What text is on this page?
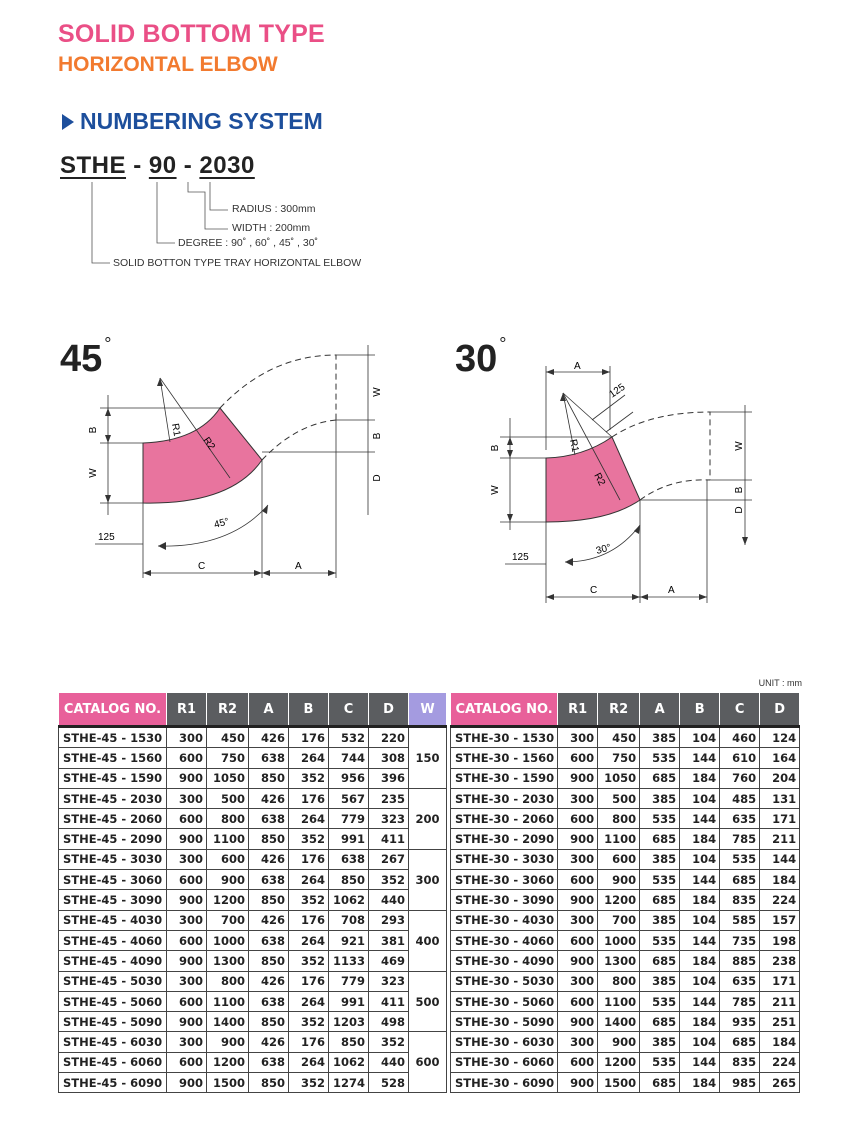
SOLID BOTTOM TYPE
HORIZONTAL ELBOW
NUMBERING SYSTEM
STHE - 90 - 2030
RADIUS : 300mm
WIDTH : 200mm
DEGREE : 90˚ , 60˚ , 45˚ , 30˚
SOLID BOTTON TYPE TRAY HORIZONTAL ELBOW
45 °
B
W
R1
R2
W
B
D
125
45°
C	A
30 °
A
125
B
W
R1
R2
W
B
D
125
30°
C	A
UNIT : mm
CATALOG NO.	R1	R2	A	B	C	D	W		CATALOG NO.	R1	R2	A	B	C	D
STHE-45 - 1530	300	450	426	176	532	220	150		STHE-30 - 1530	300	450	385	104	460	124
STHE-45 - 1560	600	750	638	264	744	308			STHE-30 - 1560	600	750	535	144	610	164
STHE-45 - 1590	900	1050	850	352	956	396			STHE-30 - 1590	900	1050	685	184	760	204
STHE-45 - 2030	300	500	426	176	567	235	200		STHE-30 - 2030	300	500	385	104	485	131
STHE-45 - 2060	600	800	638	264	779	323			STHE-30 - 2060	600	800	535	144	635	171
STHE-45 - 2090	900	1100	850	352	991	411			STHE-30 - 2090	900	1100	685	184	785	211
STHE-45 - 3030	300	600	426	176	638	267	300		STHE-30 - 3030	300	600	385	104	535	144
STHE-45 - 3060	600	900	638	264	850	352			STHE-30 - 3060	600	900	535	144	685	184
STHE-45 - 3090	900	1200	850	352	1062	440			STHE-30 - 3090	900	1200	685	184	835	224
STHE-45 - 4030	300	700	426	176	708	293	400		STHE-30 - 4030	300	700	385	104	585	157
STHE-45 - 4060	600	1000	638	264	921	381			STHE-30 - 4060	600	1000	535	144	735	198
STHE-45 - 4090	900	1300	850	352	1133	469			STHE-30 - 4090	900	1300	685	184	885	238
STHE-45 - 5030	300	800	426	176	779	323	500		STHE-30 - 5030	300	800	385	104	635	171
STHE-45 - 5060	600	1100	638	264	991	411			STHE-30 - 5060	600	1100	535	144	785	211
STHE-45 - 5090	900	1400	850	352	1203	498			STHE-30 - 5090	900	1400	685	184	935	251
STHE-45 - 6030	300	900	426	176	850	352	600		STHE-30 - 6030	300	900	385	104	685	184
STHE-45 - 6060	600	1200	638	264	1062	440			STHE-30 - 6060	600	1200	535	144	835	224
STHE-45 - 6090	900	1500	850	352	1274	528			STHE-30 - 6090	900	1500	685	184	985	265
